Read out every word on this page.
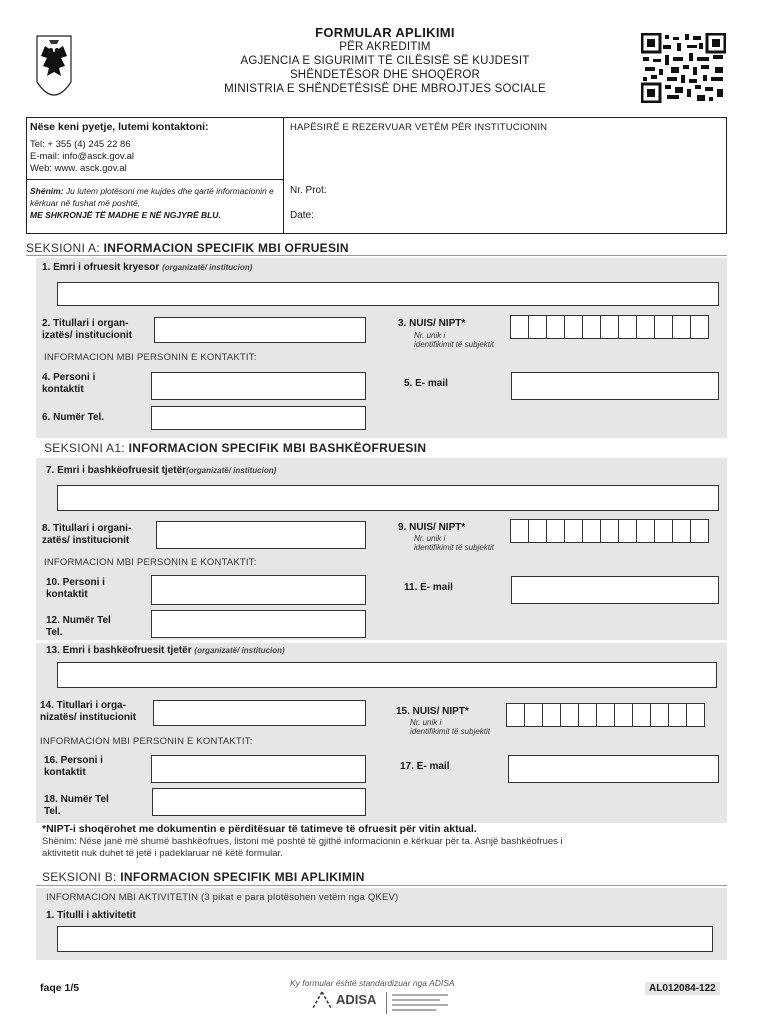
FORMULAR APLIKIMI
PËR AKREDITIM
AGJENCIA E SIGURIMIT TË CILËSISË SË KUJDESIT
SHËNDETËSOR DHE SHOQËROR
MINISTRIA E SHËNDETËSISË DHE MBROJTJES SOCIALE
Nëse keni pyetje, lutemi kontaktoni:
Tel: + 355 (4) 245 22 86
E-mail: info@asck.gov.al
Web: www. asck.gov.al
Shënim: Ju lutem plotësoni me kujdes dhe qartë informacionin e kërkuar në fushat më poshtë,
ME SHKRONJË TË MADHE E NË NGJYRË BLU.
HAPËSIRË E REZERVUAR VETËM PËR INSTITUCIONIN
Nr. Prot:
Date:
SEKSIONI A: INFORMACION SPECIFIK MBI OFRUESIN
1. Emri i ofruesit kryesor (organizatë/ institucion)
2. Titullari i organ-
izatës/ institucionit
3. NUIS/ NIPT*
Nr. unik i
identifikimit të subjektit
INFORMACION MBI PERSONIN E KONTAKTIT:
4. Personi i
kontaktit
5. E- mail
6. Numër Tel.
SEKSIONI A1: INFORMACION SPECIFIK MBI BASHKËOFRUESIN
7. Emri i bashkëofruesit tjetër(organizatë/ institucion)
8. Titullari i organi-
zatës/ institucionit
9. NUIS/ NIPT*
Nr. unik i
identifikimit të subjektit
INFORMACION MBI PERSONIN E KONTAKTIT:
10. Personi i
kontaktit
11. E- mail
12. Numër Tel
Tel.
13. Emri i bashkëofruesit tjetër (organizatë/ institucion)
14. Titullari i orga-
nizatës/ institucionit
15. NUIS/ NIPT*
Nr. unik i
identifikimit të subjektit
INFORMACION MBI PERSONIN E KONTAKTIT:
16. Personi i
kontaktit
17. E- mail
18. Numër Tel
Tel.
*NIPT-i shoqërohet me dokumentin e përditësuar të tatimeve të ofruesit për vitin aktual.
Shënim: Nëse janë më shumë bashkëofrues, listoni më poshtë të gjithë informacionin e kërkuar për ta. Asnjë bashkëofrues i
aktivitetit nuk duhet të jetë i padeklaruar në këtë formular.
SEKSIONI B: INFORMACION SPECIFIK MBI APLIKIMIN
INFORMACION MBI AKTIVITETIN (3 pikat e para plotësohen vetëm nga QKEV)
1. Titulli i aktivitetit
faqe 1/5	Ky formular është standardizuar nga ADISA
ADISA
AL012084-122
